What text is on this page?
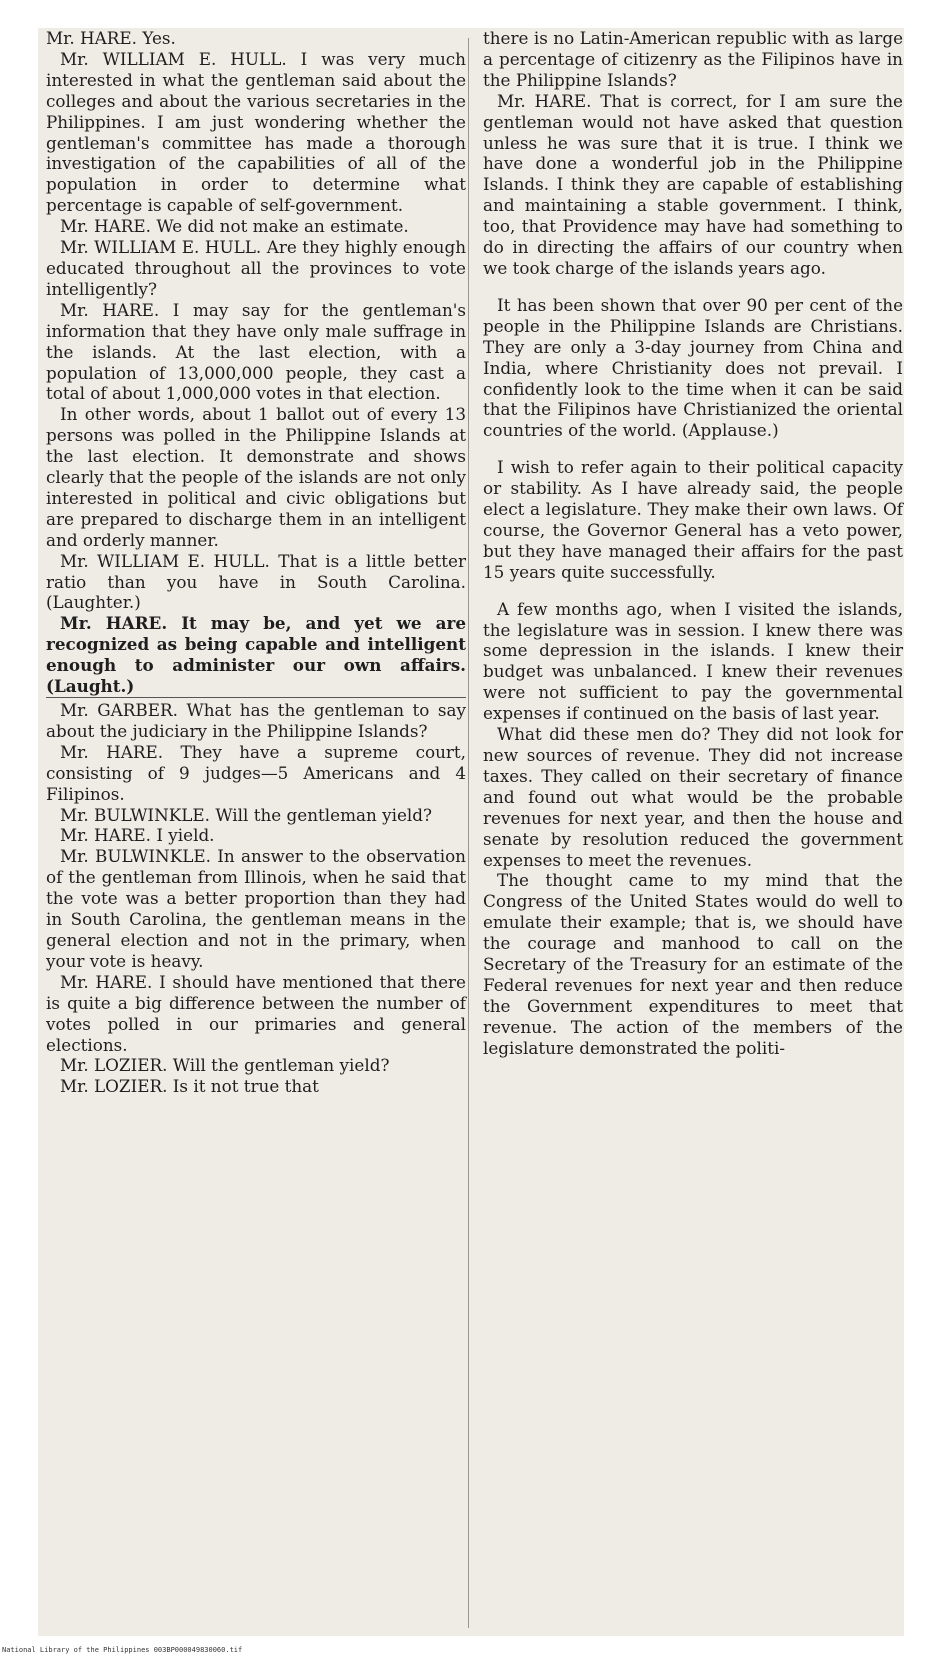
Mr. HARE. Yes.

Mr. WILLIAM E. HULL. I was very much interested in what the gentleman said about the colleges and about the various secretaries in the Philippines. I am just wondering whether the gentleman's committee has made a thorough investigation of the capabilities of all of the population in order to determine what percentage is capable of self-government.

Mr. HARE. We did not make an estimate.

Mr. WILLIAM E. HULL. Are they highly enough educated throughout all the provinces to vote intelligently?

Mr. HARE. I may say for the gentleman's information that they have only male suffrage in the islands. At the last election, with a population of 13,000,000 people, they cast a total of about 1,000,000 votes in that election.

In other words, about 1 ballot out of every 13 persons was polled in the Philippine Islands at the last election. It demonstrate and shows clearly that the people of the islands are not only interested in political and civic obligations but are prepared to discharge them in an intelligent and orderly manner.

Mr. WILLIAM E. HULL. That is a little better ratio than you have in South Carolina. (Laughter.)

Mr. HARE. It may be, and yet we are recognized as being capable and intelligent enough to administer our own affairs. (Laught.)

Mr. GARBER. What has the gentleman to say about the judiciary in the Philippine Islands?

Mr. HARE. They have a supreme court, consisting of 9 judges—5 Americans and 4 Filipinos.

Mr. BULWINKLE. Will the gentleman yield?

Mr. HARE. I yield.

Mr. BULWINKLE. In answer to the observation of the gentleman from Illinois, when he said that the vote was a better proportion than they had in South Carolina, the gentleman means in the general election and not in the primary, when your vote is heavy.

Mr. HARE. I should have mentioned that there is quite a big difference between the number of votes polled in our primaries and general elections.

Mr. LOZIER. Will the gentleman yield?

Mr. LOZIER. Is it not true that

there is no Latin-American republic with as large a percentage of citizenry as the Filipinos have in the Philippine Islands?

Mr. HARE. That is correct, for I am sure the gentleman would not have asked that question unless he was sure that it is true. I think we have done a wonderful job in the Philippine Islands. I think they are capable of establishing and maintaining a stable government. I think, too, that Providence may have had something to do in directing the affairs of our country when we took charge of the islands years ago.

It has been shown that over 90 per cent of the people in the Philippine Islands are Christians. They are only a 3-day journey from China and India, where Christianity does not prevail. I confidently look to the time when it can be said that the Filipinos have Christianized the oriental countries of the world. (Applause.)

I wish to refer again to their political capacity or stability. As I have already said, the people elect a legislature. They make their own laws. Of course, the Governor General has a veto power, but they have managed their affairs for the past 15 years quite successfully.

A few months ago, when I visited the islands, the legislature was in session. I knew there was some depression in the islands. I knew their budget was unbalanced. I knew their revenues were not sufficient to pay the governmental expenses if continued on the basis of last year.

What did these men do? They did not look for new sources of revenue. They did not increase taxes. They called on their secretary of finance and found out what would be the probable revenues for next year, and then the house and senate by resolution reduced the government expenses to meet the revenues.

The thought came to my mind that the Congress of the United States would do well to emulate their example; that is, we should have the courage and manhood to call on the Secretary of the Treasury for an estimate of the Federal revenues for next year and then reduce the Government expenditures to meet that revenue. The action of the members of the legislature demonstrated the politi-

National Library of the Philippines 003BP000049830060.tif
